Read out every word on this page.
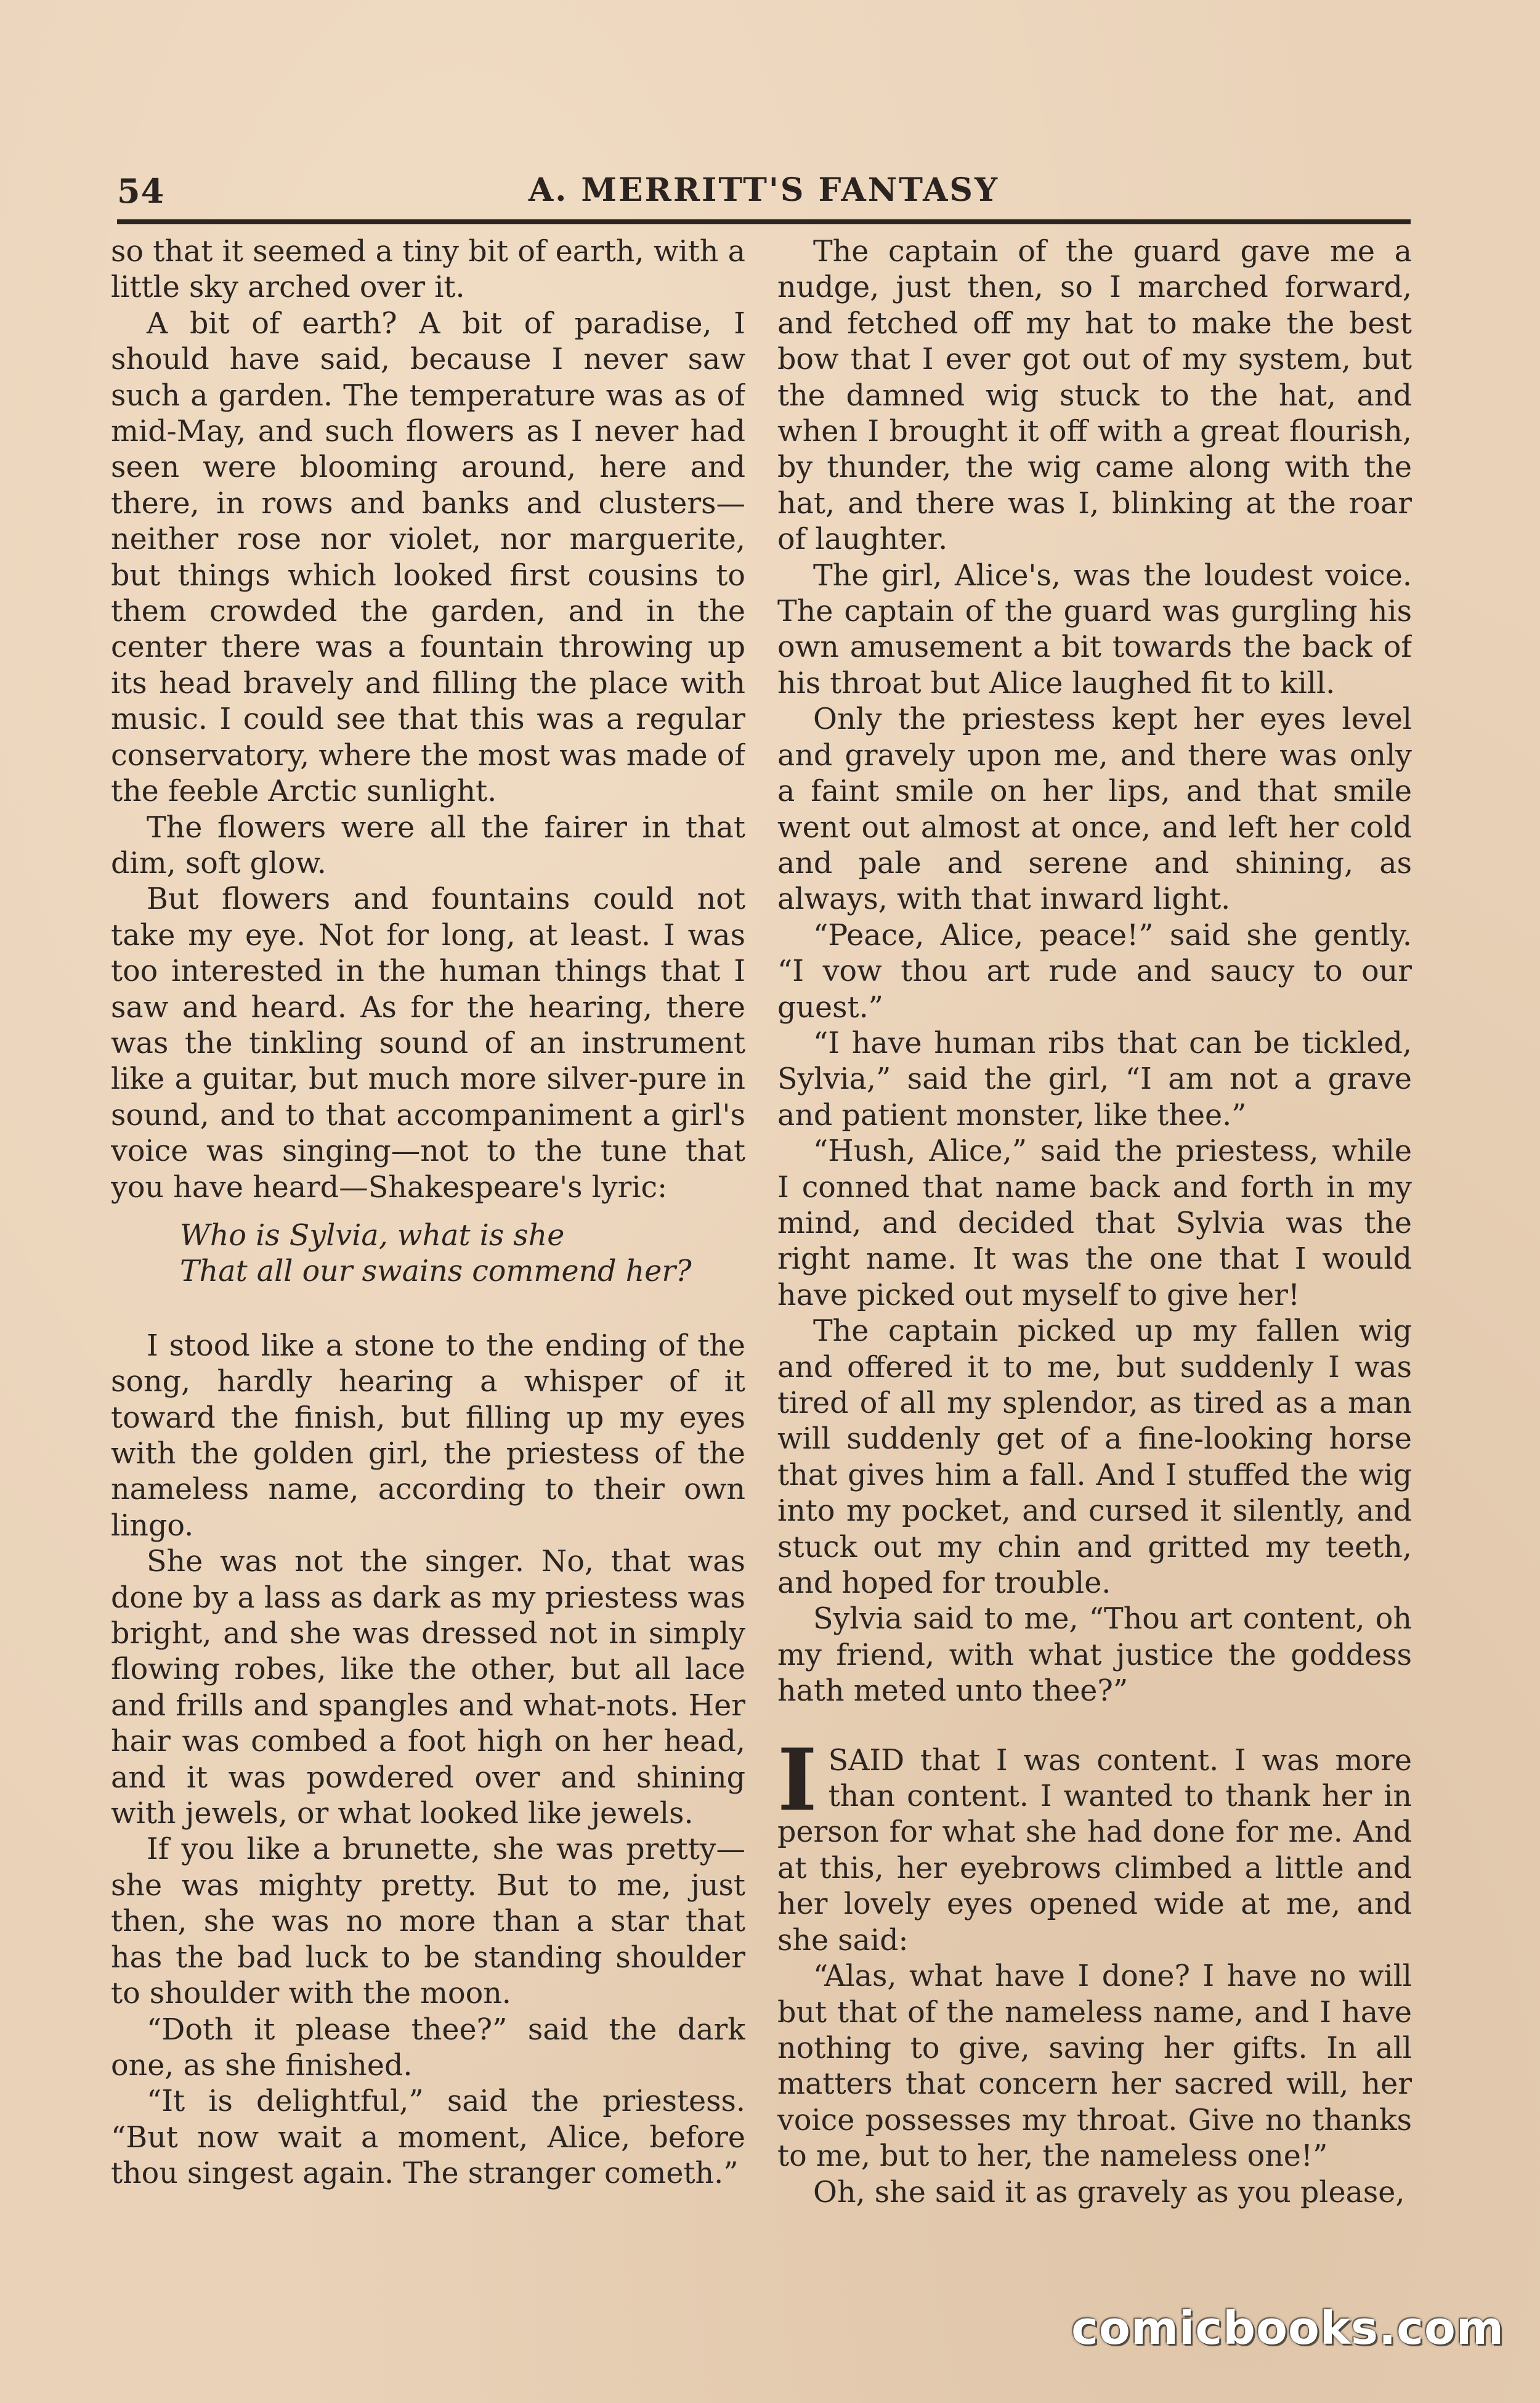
54	A. MERRITT'S FANTASY

so that it seemed a tiny bit of earth, with a little sky arched over it.

A bit of earth? A bit of paradise, I should have said, because I never saw such a garden. The temperature was as of mid-May, and such flowers as I never had seen were blooming around, here and there, in rows and banks and clusters—neither rose nor violet, nor marguerite, but things which looked first cousins to them crowded the garden, and in the center there was a fountain throwing up its head bravely and filling the place with music. I could see that this was a regular conservatory, where the most was made of the feeble Arctic sunlight.

The flowers were all the fairer in that dim, soft glow.

But flowers and fountains could not take my eye. Not for long, at least. I was too interested in the human things that I saw and heard. As for the hearing, there was the tinkling sound of an instrument like a guitar, but much more silver-pure in sound, and to that accompaniment a girl's voice was singing—not to the tune that you have heard—Shakespeare's lyric:

Who is Sylvia, what is she
That all our swains commend her?

I stood like a stone to the ending of the song, hardly hearing a whisper of it toward the finish, but filling up my eyes with the golden girl, the priestess of the nameless name, according to their own lingo.

She was not the singer. No, that was done by a lass as dark as my priestess was bright, and she was dressed not in simply flowing robes, like the other, but all lace and frills and spangles and what-nots. Her hair was combed a foot high on her head, and it was powdered over and shining with jewels, or what looked like jewels.

If you like a brunette, she was pretty—she was mighty pretty. But to me, just then, she was no more than a star that has the bad luck to be standing shoulder to shoulder with the moon.

“Doth it please thee?” said the dark one, as she finished.

“It is delightful,” said the priestess. “But now wait a moment, Alice, before thou singest again. The stranger cometh.”

The captain of the guard gave me a nudge, just then, so I marched forward, and fetched off my hat to make the best bow that I ever got out of my system, but the damned wig stuck to the hat, and when I brought it off with a great flourish, by thunder, the wig came along with the hat, and there was I, blinking at the roar of laughter.

The girl, Alice's, was the loudest voice. The captain of the guard was gurgling his own amusement a bit towards the back of his throat but Alice laughed fit to kill.

Only the priestess kept her eyes level and gravely upon me, and there was only a faint smile on her lips, and that smile went out almost at once, and left her cold and pale and serene and shining, as always, with that inward light.

“Peace, Alice, peace!” said she gently. “I vow thou art rude and saucy to our guest.”

“I have human ribs that can be tickled, Sylvia,” said the girl, “I am not a grave and patient monster, like thee.”

“Hush, Alice,” said the priestess, while I conned that name back and forth in my mind, and decided that Sylvia was the right name. It was the one that I would have picked out myself to give her!

The captain picked up my fallen wig and offered it to me, but suddenly I was tired of all my splendor, as tired as a man will suddenly get of a fine-looking horse that gives him a fall. And I stuffed the wig into my pocket, and cursed it silently, and stuck out my chin and gritted my teeth, and hoped for trouble.

Sylvia said to me, “Thou art content, oh my friend, with what justice the goddess hath meted unto thee?”

I SAID that I was content. I was more than content. I wanted to thank her in person for what she had done for me. And at this, her eyebrows climbed a little and her lovely eyes opened wide at me, and she said:

“Alas, what have I done? I have no will but that of the nameless name, and I have nothing to give, saving her gifts. In all matters that concern her sacred will, her voice possesses my throat. Give no thanks to me, but to her, the nameless one!”

Oh, she said it as gravely as you please,

comicbooks.com
